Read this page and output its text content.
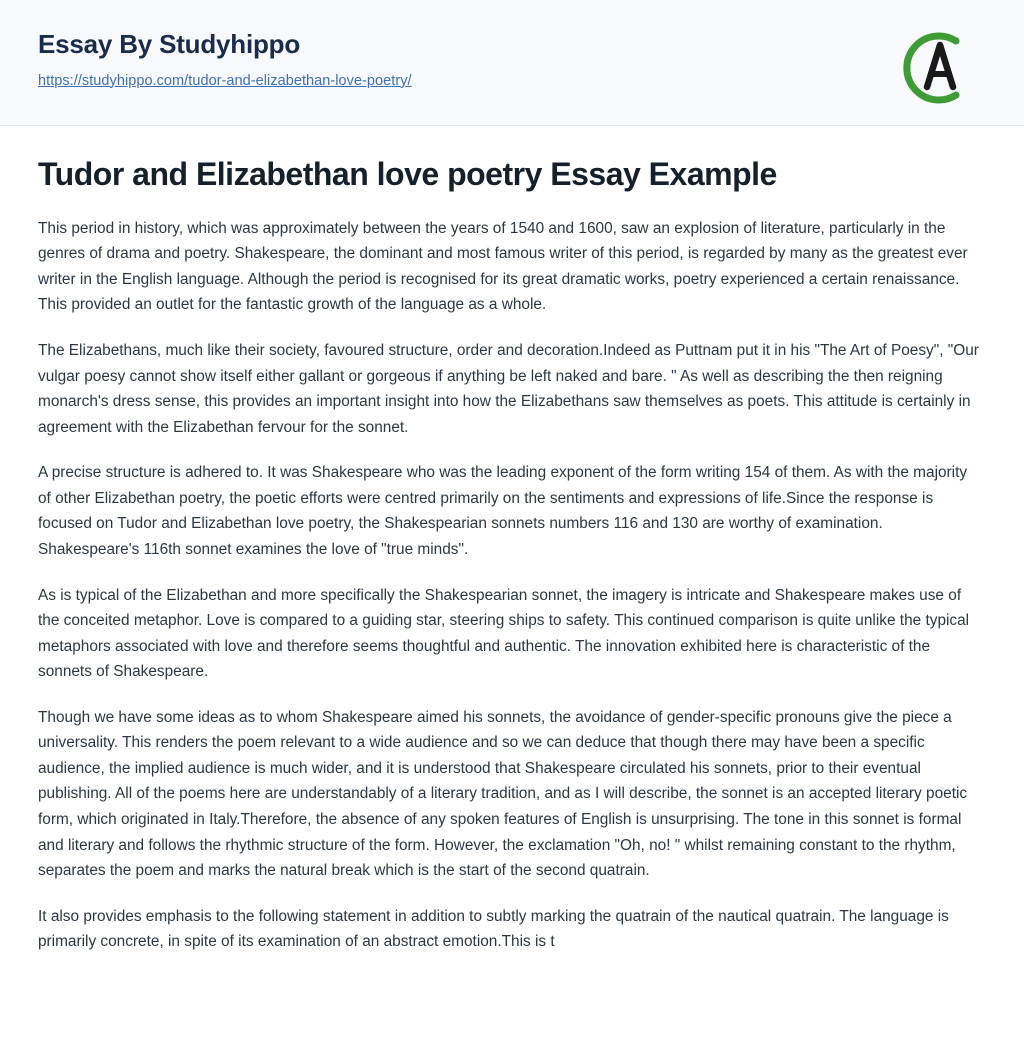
Essay By Studyhippo
https://studyhippo.com/tudor-and-elizabethan-love-poetry/
Tudor and Elizabethan love poetry Essay Example

This period in history, which was approximately between the years of 1540 and 1600, saw an explosion of literature, particularly in the genres of drama and poetry. Shakespeare, the dominant and most famous writer of this period, is regarded by many as the greatest ever writer in the English language. Although the period is recognised for its great dramatic works, poetry experienced a certain renaissance. This provided an outlet for the fantastic growth of the language as a whole.

The Elizabethans, much like their society, favoured structure, order and decoration.Indeed as Puttnam put it in his "The Art of Poesy", "Our vulgar poesy cannot show itself either gallant or gorgeous if anything be left naked and bare. " As well as describing the then reigning monarch's dress sense, this provides an important insight into how the Elizabethans saw themselves as poets. This attitude is certainly in agreement with the Elizabethan fervour for the sonnet.

A precise structure is adhered to. It was Shakespeare who was the leading exponent of the form writing 154 of them. As with the majority of other Elizabethan poetry, the poetic efforts were centred primarily on the sentiments and expressions of life.Since the response is focused on Tudor and Elizabethan love poetry, the Shakespearian sonnets numbers 116 and 130 are worthy of examination. Shakespeare's 116th sonnet examines the love of "true minds".

As is typical of the Elizabethan and more specifically the Shakespearian sonnet, the imagery is intricate and Shakespeare makes use of the conceited metaphor. Love is compared to a guiding star, steering ships to safety. This continued comparison is quite unlike the typical metaphors associated with love and therefore seems thoughtful and authentic. The innovation exhibited here is characteristic of the sonnets of Shakespeare.

Though we have some ideas as to whom Shakespeare aimed his sonnets, the avoidance of gender-specific pronouns give the piece a universality. This renders the poem relevant to a wide audience and so we can deduce that though there may have been a specific audience, the implied audience is much wider, and it is understood that Shakespeare circulated his sonnets, prior to their eventual publishing. All of the poems here are understandably of a literary tradition, and as I will describe, the sonnet is an accepted literary poetic form, which originated in Italy.Therefore, the absence of any spoken features of English is unsurprising. The tone in this sonnet is formal and literary and follows the rhythmic structure of the form. However, the exclamation "Oh, no! " whilst remaining constant to the rhythm, separates the poem and marks the natural break which is the start of the second quatrain.

It also provides emphasis to the following statement in addition to subtly marking the quatrain of the nautical quatrain. The language is primarily concrete, in spite of its examination of an abstract emotion.This is t
